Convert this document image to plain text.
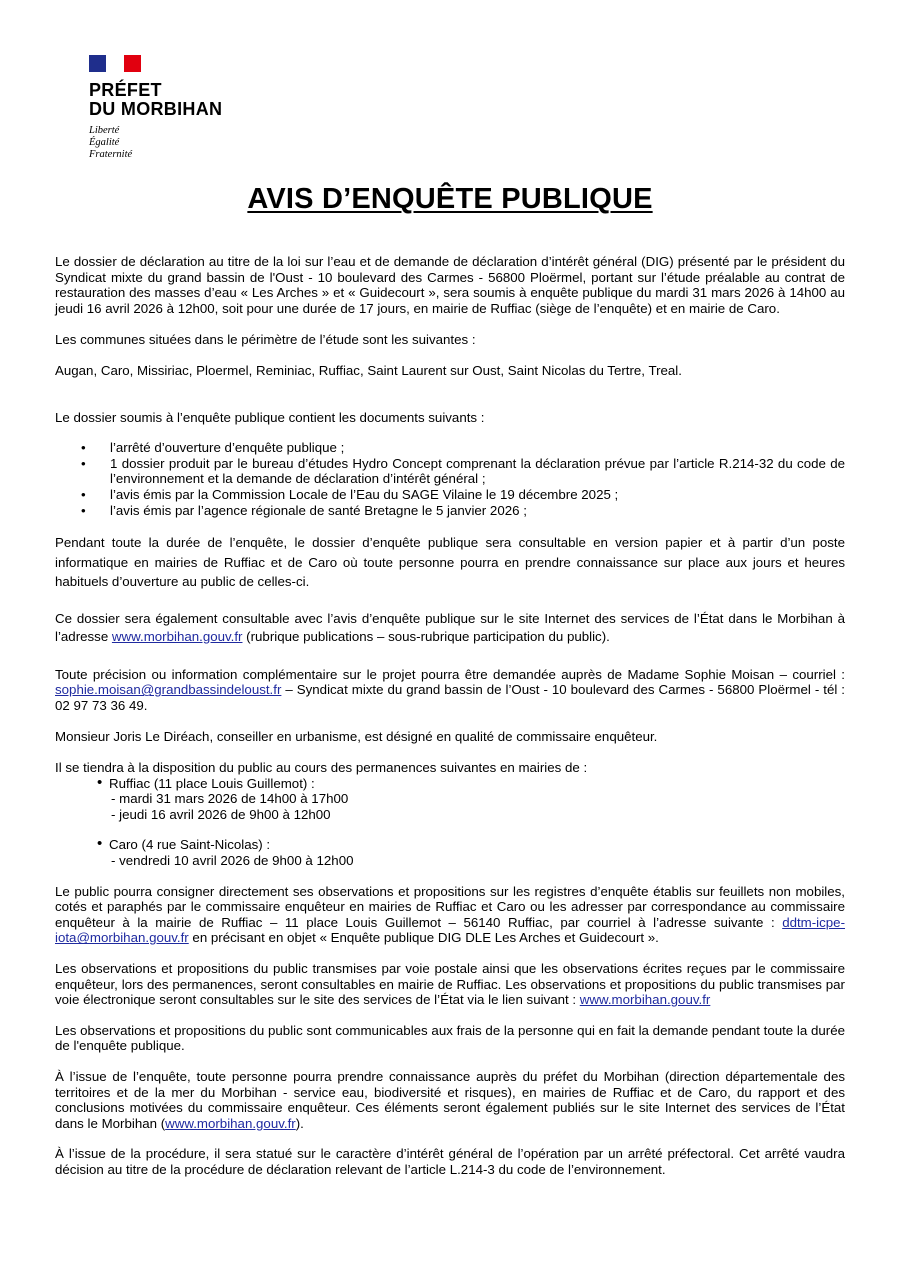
PRÉFET
DU MORBIHAN
Liberté
Égalité
Fraternité
AVIS D’ENQUÊTE PUBLIQUE

Le dossier de déclaration au titre de la loi sur l’eau et de demande de déclaration d’intérêt général (DIG) présenté par le président du Syndicat mixte du grand bassin de l'Oust - 10 boulevard des Carmes - 56800 Ploërmel, portant sur l’étude préalable au contrat de restauration des masses d’eau « Les Arches » et « Guidecourt », sera soumis à enquête publique du mardi 31 mars 2026 à 14h00 au jeudi 16 avril 2026 à 12h00, soit pour une durée de 17 jours, en mairie de Ruffiac (siège de l’enquête) et en mairie de Caro.

Les communes situées dans le périmètre de l’étude sont les suivantes :

Augan, Caro, Missiriac, Ploermel, Reminiac, Ruffiac, Saint Laurent sur Oust, Saint Nicolas du Tertre, Treal.

Le dossier soumis à l’enquête publique contient les documents suivants :

• l’arrêté d’ouverture d’enquête publique ;
• 1 dossier produit par le bureau d’études Hydro Concept comprenant la déclaration prévue par l’article R.214-32 du code de l’environnement et la demande de déclaration d’intérêt général ;
• l’avis émis par la Commission Locale de l’Eau du SAGE Vilaine le 19 décembre 2025 ;
• l’avis émis par l’agence régionale de santé Bretagne le 5 janvier 2026 ;

Pendant toute la durée de l’enquête, le dossier d’enquête publique sera consultable en version papier et à partir d’un poste informatique en mairies de Ruffiac et de Caro où toute personne pourra en prendre connaissance sur place aux jours et heures habituels d’ouverture au public de celles-ci.

Ce dossier sera également consultable avec l’avis d’enquête publique sur le site Internet des services de l’État dans le Morbihan à l’adresse www.morbihan.gouv.fr (rubrique publications – sous-rubrique participation du public).

Toute précision ou information complémentaire sur le projet pourra être demandée auprès de Madame Sophie Moisan – courriel : sophie.moisan@grandbassindeloust.fr – Syndicat mixte du grand bassin de l’Oust - 10 boulevard des Carmes - 56800 Ploërmel - tél : 02 97 73 36 49.

Monsieur Joris Le Diréach, conseiller en urbanisme, est désigné en qualité de commissaire enquêteur.

Il se tiendra à la disposition du public au cours des permanences suivantes en mairies de :

• Ruffiac (11 place Louis Guillemot) :
- mardi 31 mars 2026 de 14h00 à 17h00
- jeudi 16 avril 2026 de 9h00 à 12h00
• Caro (4 rue Saint-Nicolas) :
- vendredi 10 avril 2026 de 9h00 à 12h00

Le public pourra consigner directement ses observations et propositions sur les registres d’enquête établis sur feuillets non mobiles, cotés et paraphés par le commissaire enquêteur en mairies de Ruffiac et Caro ou les adresser par correspondance au commissaire enquêteur à la mairie de Ruffiac – 11 place Louis Guillemot – 56140 Ruffiac, par courriel à l’adresse suivante : ddtm-icpe-iota@morbihan.gouv.fr en précisant en objet « Enquête publique DIG DLE Les Arches et Guidecourt ».

Les observations et propositions du public transmises par voie postale ainsi que les observations écrites reçues par le commissaire enquêteur, lors des permanences, seront consultables en mairie de Ruffiac. Les observations et propositions du public transmises par voie électronique seront consultables sur le site des services de l’État via le lien suivant : www.morbihan.gouv.fr

Les observations et propositions du public sont communicables aux frais de la personne qui en fait la demande pendant toute la durée de l'enquête publique.

À l’issue de l’enquête, toute personne pourra prendre connaissance auprès du préfet du Morbihan (direction départementale des territoires et de la mer du Morbihan - service eau, biodiversité et risques), en mairies de Ruffiac et de Caro, du rapport et des conclusions motivées du commissaire enquêteur. Ces éléments seront également publiés sur le site Internet des services de l’État dans le Morbihan (www.morbihan.gouv.fr).

À l’issue de la procédure, il sera statué sur le caractère d’intérêt général de l’opération par un arrêté préfectoral. Cet arrêté vaudra décision au titre de la procédure de déclaration relevant de l’article L.214-3 du code de l’environnement.
